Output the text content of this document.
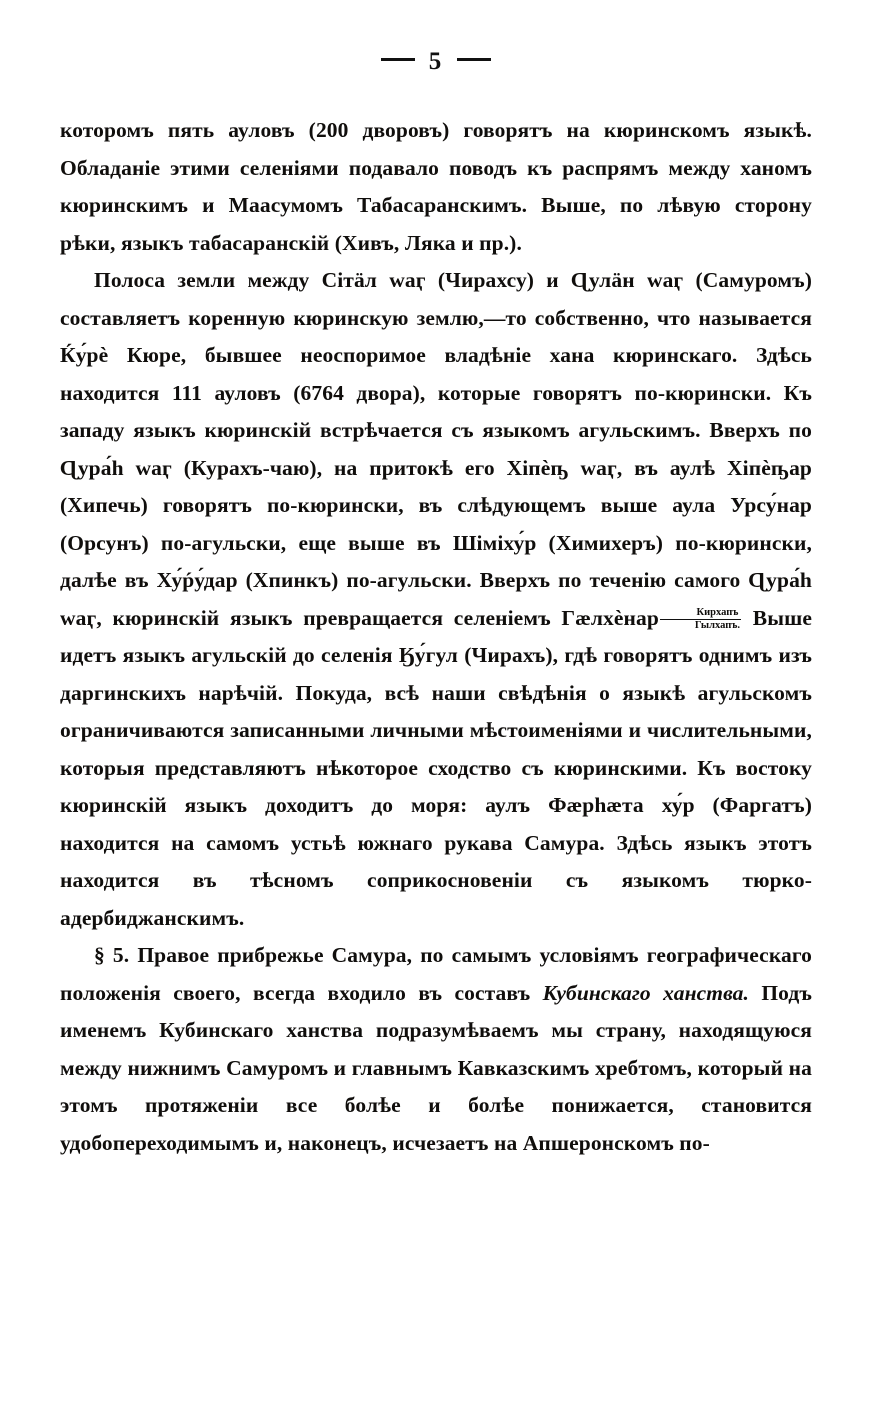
5

которомъ пять ауловъ (200 дворовъ) говорятъ на кюринскомъ языкѣ. Обладаніе этими селеніями подавало поводъ къ распрямъ между ханомъ кюринскимъ и Маасумомъ Табасаранскимъ. Выше, по лѣвую сторону рѣки, языкъ табасаранскій (Хивъ, Ляка и пр.).

Полоса земли между Сітӓл waӷ (Чирахсу) и Ɋулӓн waӷ (Самуромъ) составляетъ коренную кюринскую землю,—то собственно, что называется Ќу́рѐ Кюре, бывшее неоспоримое владѣніе хана кюринскаго. Здѣсь находится 111 ауловъ (6764 двора), которые говорятъ по-кюрински. Къ западу языкъ кюринскій встрѣчается съ языкомъ агульскимъ. Вверхъ по Ɋура́h waӷ (Курахъ-чаю), на притокѣ его Хіпѐҧ waӷ, въ аулѣ Хіпѐҧар (Хипечь) говорятъ по-кюрински, въ слѣдующемъ выше аула Урсу́нар (Орсунъ) по-агульски, еще выше въ Шіміху́р (Химихеръ) по-кюрински, далѣе въ Ху́ṕу́дар (Хпинкъ) по-агульски. Вверхъ по теченію самого Ɋура́h waӷ, кюринскій языкъ превращается селеніемъ Гӕлхѐнар	Кирхапъ
Гылхапъ. Выше идетъ языкъ агульскій до селенія Ӄу́гул (Чирахъ), гдѣ говорятъ однимъ изъ даргинскихъ нарѣчій. Покуда, всѣ наши свѣдѣнія о языкѣ агульскомъ ограничиваются записанными личными мѣстоименіями и числительными, которыя представляютъ нѣкоторое сходство съ кюринскими. Къ востоку кюринскій языкъ доходитъ до моря: аулъ Фӕрhӕта ху́р (Фаргатъ) находится на самомъ устьѣ южнаго рукава Самура. Здѣсь языкъ этотъ находится въ тѣсномъ соприкосновеніи съ языкомъ тюрко-адербиджанскимъ.

§ 5. Правое прибрежье Самура, по самымъ условіямъ географическаго положенія своего, всегда входило въ составъ Кубинскаго ханства. Подъ именемъ Кубинскаго ханства подразумѣваемъ мы страну, находящуюся между нижнимъ Самуромъ и главнымъ Кавказскимъ хребтомъ, который на этомъ протяженіи все болѣе и болѣе понижается, становится удобопереходимымъ и, наконецъ, исчезаетъ на Апшеронскомъ по-
